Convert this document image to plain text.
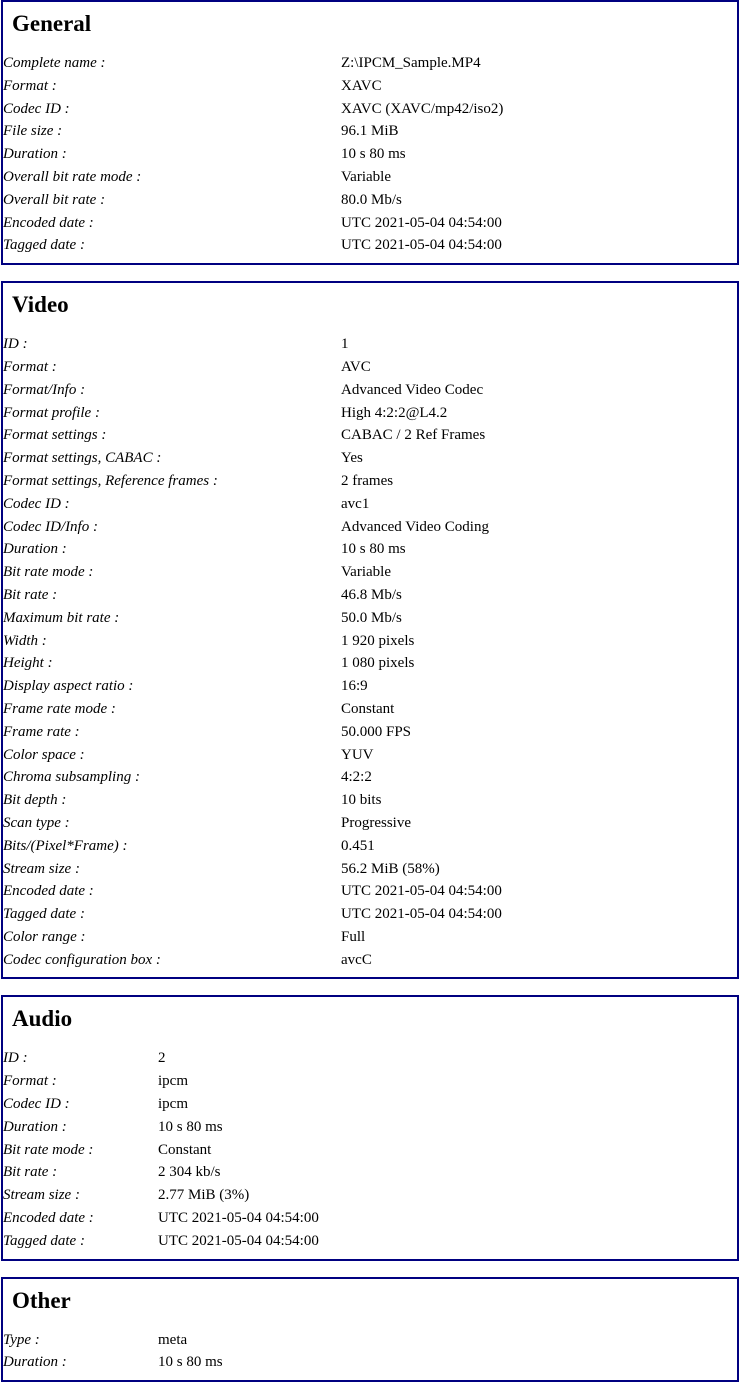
General
Complete name :	Z:\IPCM_Sample.MP4
Format :	XAVC
Codec ID :	XAVC (XAVC/mp42/iso2)
File size :	96.1 MiB
Duration :	10 s 80 ms
Overall bit rate mode :	Variable
Overall bit rate :	80.0 Mb/s
Encoded date :	UTC 2021-05-04 04:54:00
Tagged date :	UTC 2021-05-04 04:54:00
Video
ID :	1
Format :	AVC
Format/Info :	Advanced Video Codec
Format profile :	High 4:2:2@L4.2
Format settings :	CABAC / 2 Ref Frames
Format settings, CABAC :	Yes
Format settings, Reference frames :	2 frames
Codec ID :	avc1
Codec ID/Info :	Advanced Video Coding
Duration :	10 s 80 ms
Bit rate mode :	Variable
Bit rate :	46.8 Mb/s
Maximum bit rate :	50.0 Mb/s
Width :	1 920 pixels
Height :	1 080 pixels
Display aspect ratio :	16:9
Frame rate mode :	Constant
Frame rate :	50.000 FPS
Color space :	YUV
Chroma subsampling :	4:2:2
Bit depth :	10 bits
Scan type :	Progressive
Bits/(Pixel*Frame) :	0.451
Stream size :	56.2 MiB (58%)
Encoded date :	UTC 2021-05-04 04:54:00
Tagged date :	UTC 2021-05-04 04:54:00
Color range :	Full
Codec configuration box :	avcC
Audio
ID :	2
Format :	ipcm
Codec ID :	ipcm
Duration :	10 s 80 ms
Bit rate mode :	Constant
Bit rate :	2 304 kb/s
Stream size :	2.77 MiB (3%)
Encoded date :	UTC 2021-05-04 04:54:00
Tagged date :	UTC 2021-05-04 04:54:00
Other
Type :	meta
Duration :	10 s 80 ms
